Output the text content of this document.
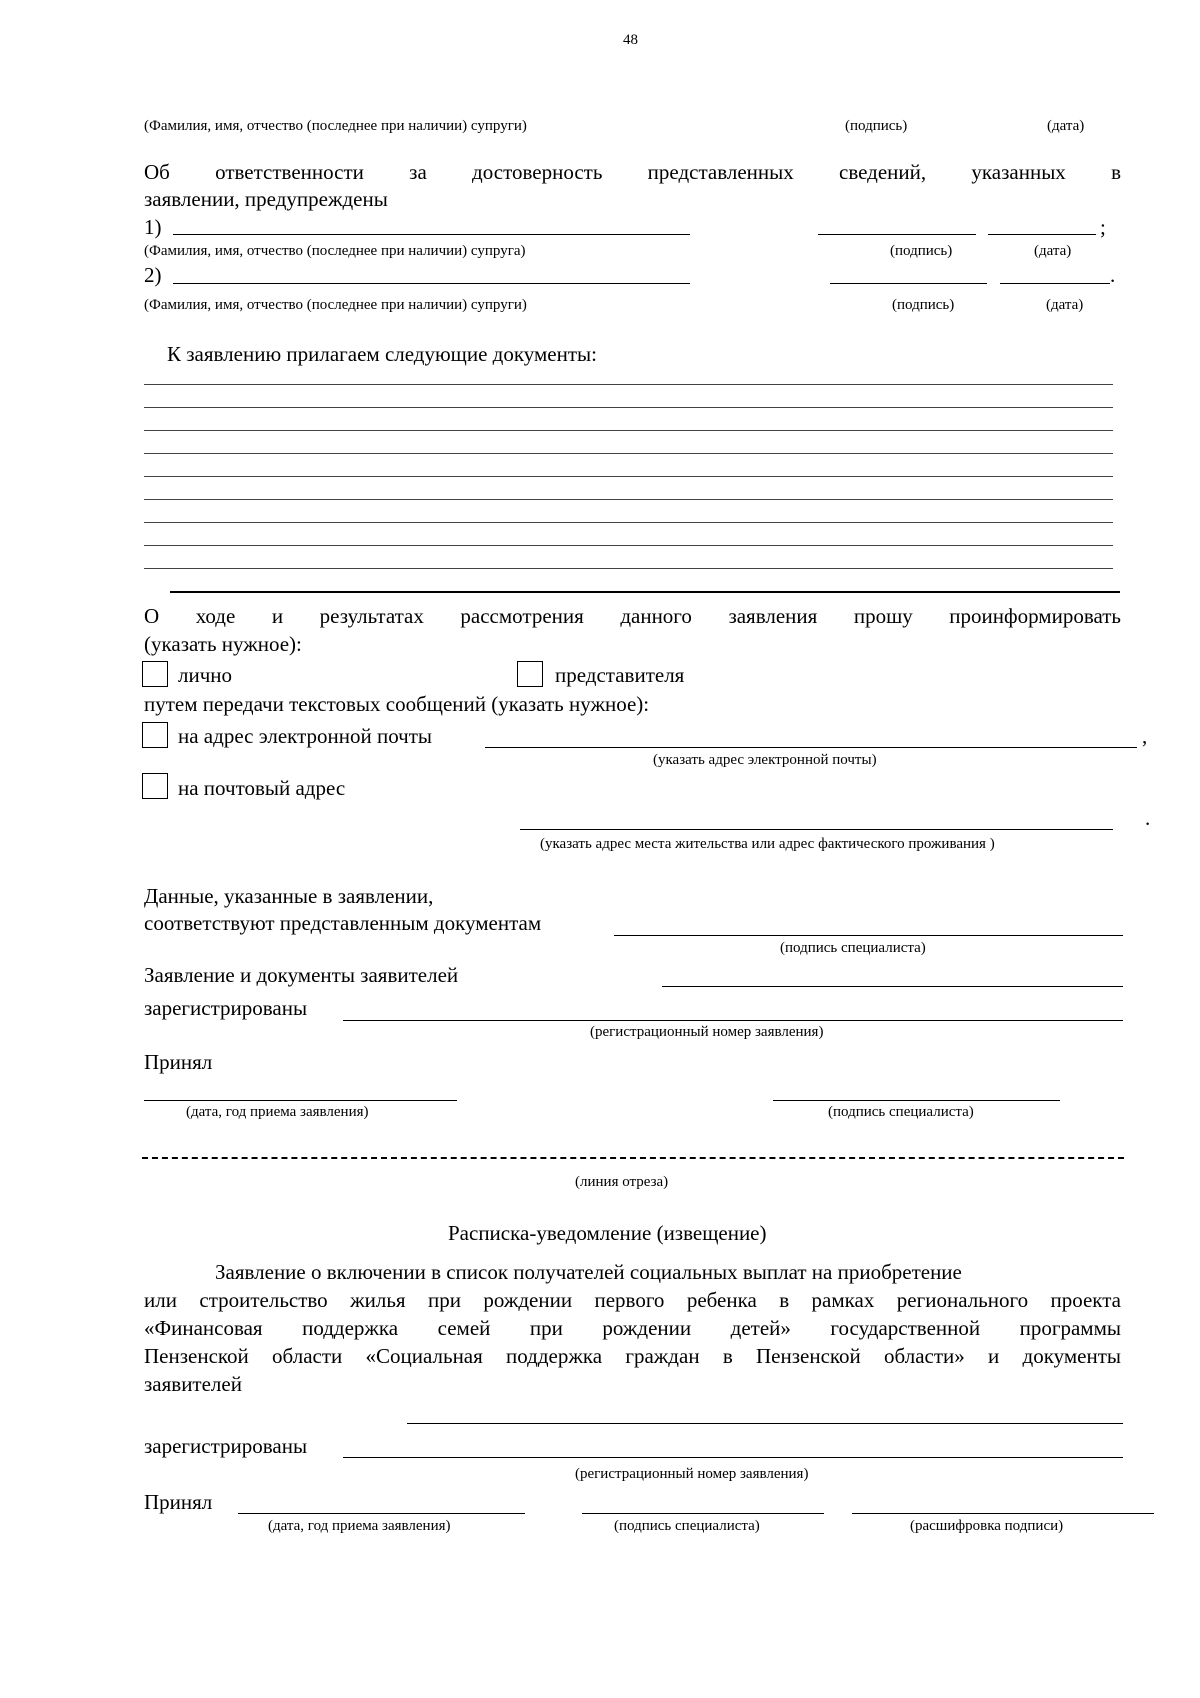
48
(Фамилия, имя, отчество (последнее при наличии) супруги)	(подпись)	(дата)
Об ответственности за достоверность представленных сведений, указанных в
заявлении, предупреждены
1)	;
(Фамилия, имя, отчество (последнее при наличии) супруга)	(подпись)	(дата)
2)	.
(Фамилия, имя, отчество (последнее при наличии) супруги)	(подпись)	(дата)
К заявлению прилагаем следующие документы:
О ходе и результатах рассмотрения данного заявления прошу проинформировать
(указать нужное):
лично	представителя
путем передачи текстовых сообщений (указать нужное):
на адрес электронной почты	,
(указать адрес электронной почты)
на почтовый адрес
.
(указать адрес места жительства или адрес фактического проживания )
Данные, указанные в заявлении,
соответствуют представленным документам
(подпись специалиста)
Заявление и документы заявителей
зарегистрированы
(регистрационный номер заявления)
Принял
(дата, год приема заявления)	(подпись специалиста)
(линия отреза)
Расписка-уведомление (извещение)
Заявление о включении в список получателей социальных выплат на приобретение
или строительство жилья при рождении первого ребенка в рамках регионального проекта
«Финансовая поддержка семей при рождении детей» государственной программы
Пензенской области «Социальная поддержка граждан в Пензенской области» и документы
заявителей
зарегистрированы
(регистрационный номер заявления)
Принял
(дата, год приема заявления)	(подпись специалиста)	(расшифровка подписи)
